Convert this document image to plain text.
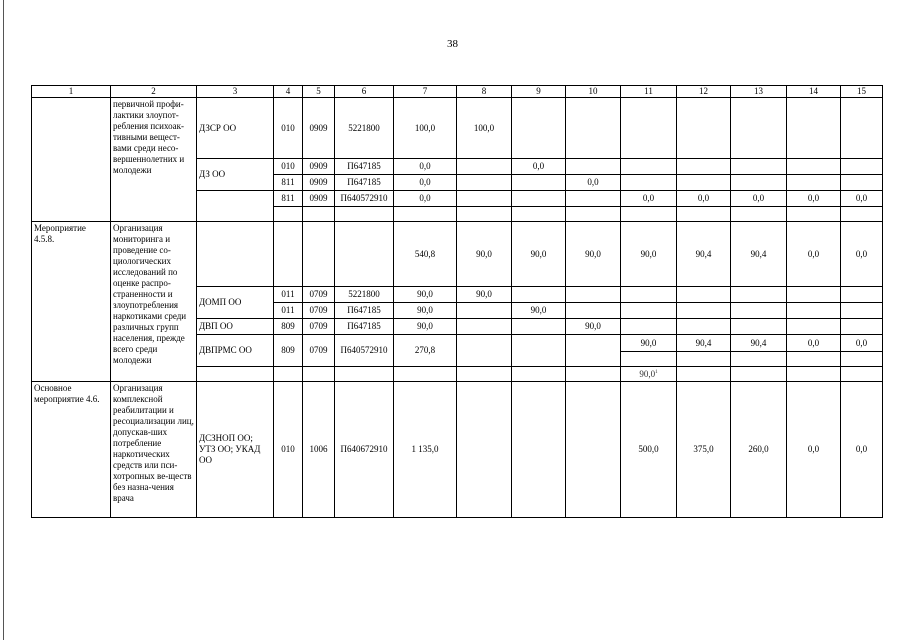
38
1	2	3	4	5	6	7	8	9	10	11	12	13	14	15
	первичной профи-лактики злоупот-ребления психоак-тивными вещест-вами среди несо-вершеннолетних и молодежи	ДЗСР ОО	010	0909	5221800	100,0	100,0							
		ДЗ ОО	010	0909	П647185	0,0		0,0						
			811	0909	П647185	0,0			0,0					
			811	0909	П640572910	0,0				0,0	0,0	0,0	0,0	0,0

Мероприятие 4.5.8.	Организация мониторинга и проведение со-циологических исследований по оценке распро-страненности и злоупотребления наркотиками среди различных групп населения, прежде всего среди молодежи					540,8	90,0	90,0	90,0	90,0	90,4	90,4	0,0	0,0
		ДОМП ОО	011	0709	5221800	90,0	90,0							
			011	0709	П647185	90,0		90,0						
		ДВП ОО	809	0709	П647185	90,0			90,0					
		ДВПРМС ОО	809	0709	П640572910	270,8				90,0	90,4	90,4	0,0	0,0

										90,0$^1$				
Основное мероприятие 4.6.	Организация комплексной реабилитации и ресоциализации лиц, допускав-ших потребление наркотических средств или пси-хотропных ве-ществ без назна-чения врача	ДСЗНОП ОО; УТЗ ОО; УКАД ОО	010	1006	П640672910	1 135,0				500,0	375,0	260,0	0,0	0,0
